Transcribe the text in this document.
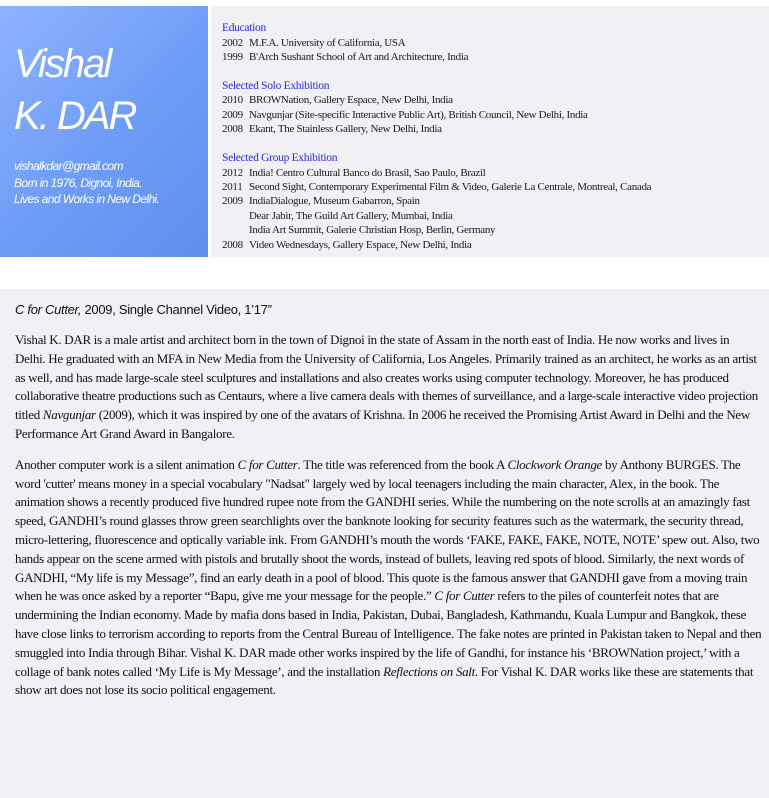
Vishal
K. DAR
vishalkdar@gmail.com
Born in 1976, Dignoi, India.
Lives and Works in New Delhi.
Education
2002 M.F.A. University of California, USA
1999 B'Arch Sushant School of Art and Architecture, India
Selected Solo Exhibition
2010 BROWNation, Gallery Espace, New Delhi, India
2009 Navgunjar (Site-specific Interactive Public Art), British Council, New Delhi, India
2008 Ekant, The Stainless Gallery, New Delhi, India
Selected Group Exhibition
2012 India! Centro Cultural Banco do Brasil, Sao Paulo, Brazil
2011 Second Sight, Contemporary Experimental Film & Video, Galerie La Centrale, Montreal, Canada
2009 IndiaDialogue, Museum Gabarron, Spain
Dear Jabir, The Guild Art Gallery, Mumbai, India
India Art Summit, Galerie Christian Hosp, Berlin, Germany
2008 Video Wednesdays, Gallery Espace, New Delhi, India
C for Cutter, 2009, Single Channel Video, 1’17”

Vishal K. DAR is a male artist and architect born in the town of Dignoi in the state of Assam in the north east of India. He now works and lives in Delhi. He graduated with an MFA in New Media from the University of California, Los Angeles. Primarily trained as an architect, he works as an artist as well, and has made large-scale steel sculptures and installations and also creates works using computer technology. Moreover, he has produced collaborative theatre productions such as Centaurs, where a live camera deals with themes of surveillance, and a large-scale interactive video projection titled Navgunjar (2009), which it was inspired by one of the avatars of Krishna. In 2006 he received the Promising Artist Award in Delhi and the New Performance Art Grand Award in Bangalore.

Another computer work is a silent animation C for Cutter. The title was referenced from the book A Clockwork Orange by Anthony BURGES. The word 'cutter' means money in a special vocabulary "Nadsat" largely wed by local teenagers including the main character, Alex, in the book. The animation shows a recently produced five hundred rupee note from the GANDHI series. While the numbering on the note scrolls at an amazingly fast speed, GANDHI’s round glasses throw green searchlights over the banknote looking for security features such as the watermark, the security thread, micro-lettering, fluorescence and optically variable ink. From GANDHI’s mouth the words ‘FAKE, FAKE, FAKE, NOTE, NOTE’ spew out. Also, two hands appear on the scene armed with pistols and brutally shoot the words, instead of bullets, leaving red spots of blood. Similarly, the next words of GANDHI, “My life is my Message”, find an early death in a pool of blood. This quote is the famous answer that GANDHI gave from a moving train when he was once asked by a reporter “Bapu, give me your message for the people.” C for Cutter refers to the piles of counterfeit notes that are undermining the Indian economy. Made by mafia dons based in India, Pakistan, Dubai, Bangladesh, Kathmandu, Kuala Lumpur and Bangkok, these have close links to terrorism according to reports from the Central Bureau of Intelligence. The fake notes are printed in Pakistan taken to Nepal and then smuggled into India through Bihar. Vishal K. DAR made other works inspired by the life of Gandhi, for instance his ‘BROWNation project,’ with a collage of bank notes called ‘My Life is My Message’, and the installation Reflections on Salt. For Vishal K. DAR works like these are statements that show art does not lose its socio political engagement.
